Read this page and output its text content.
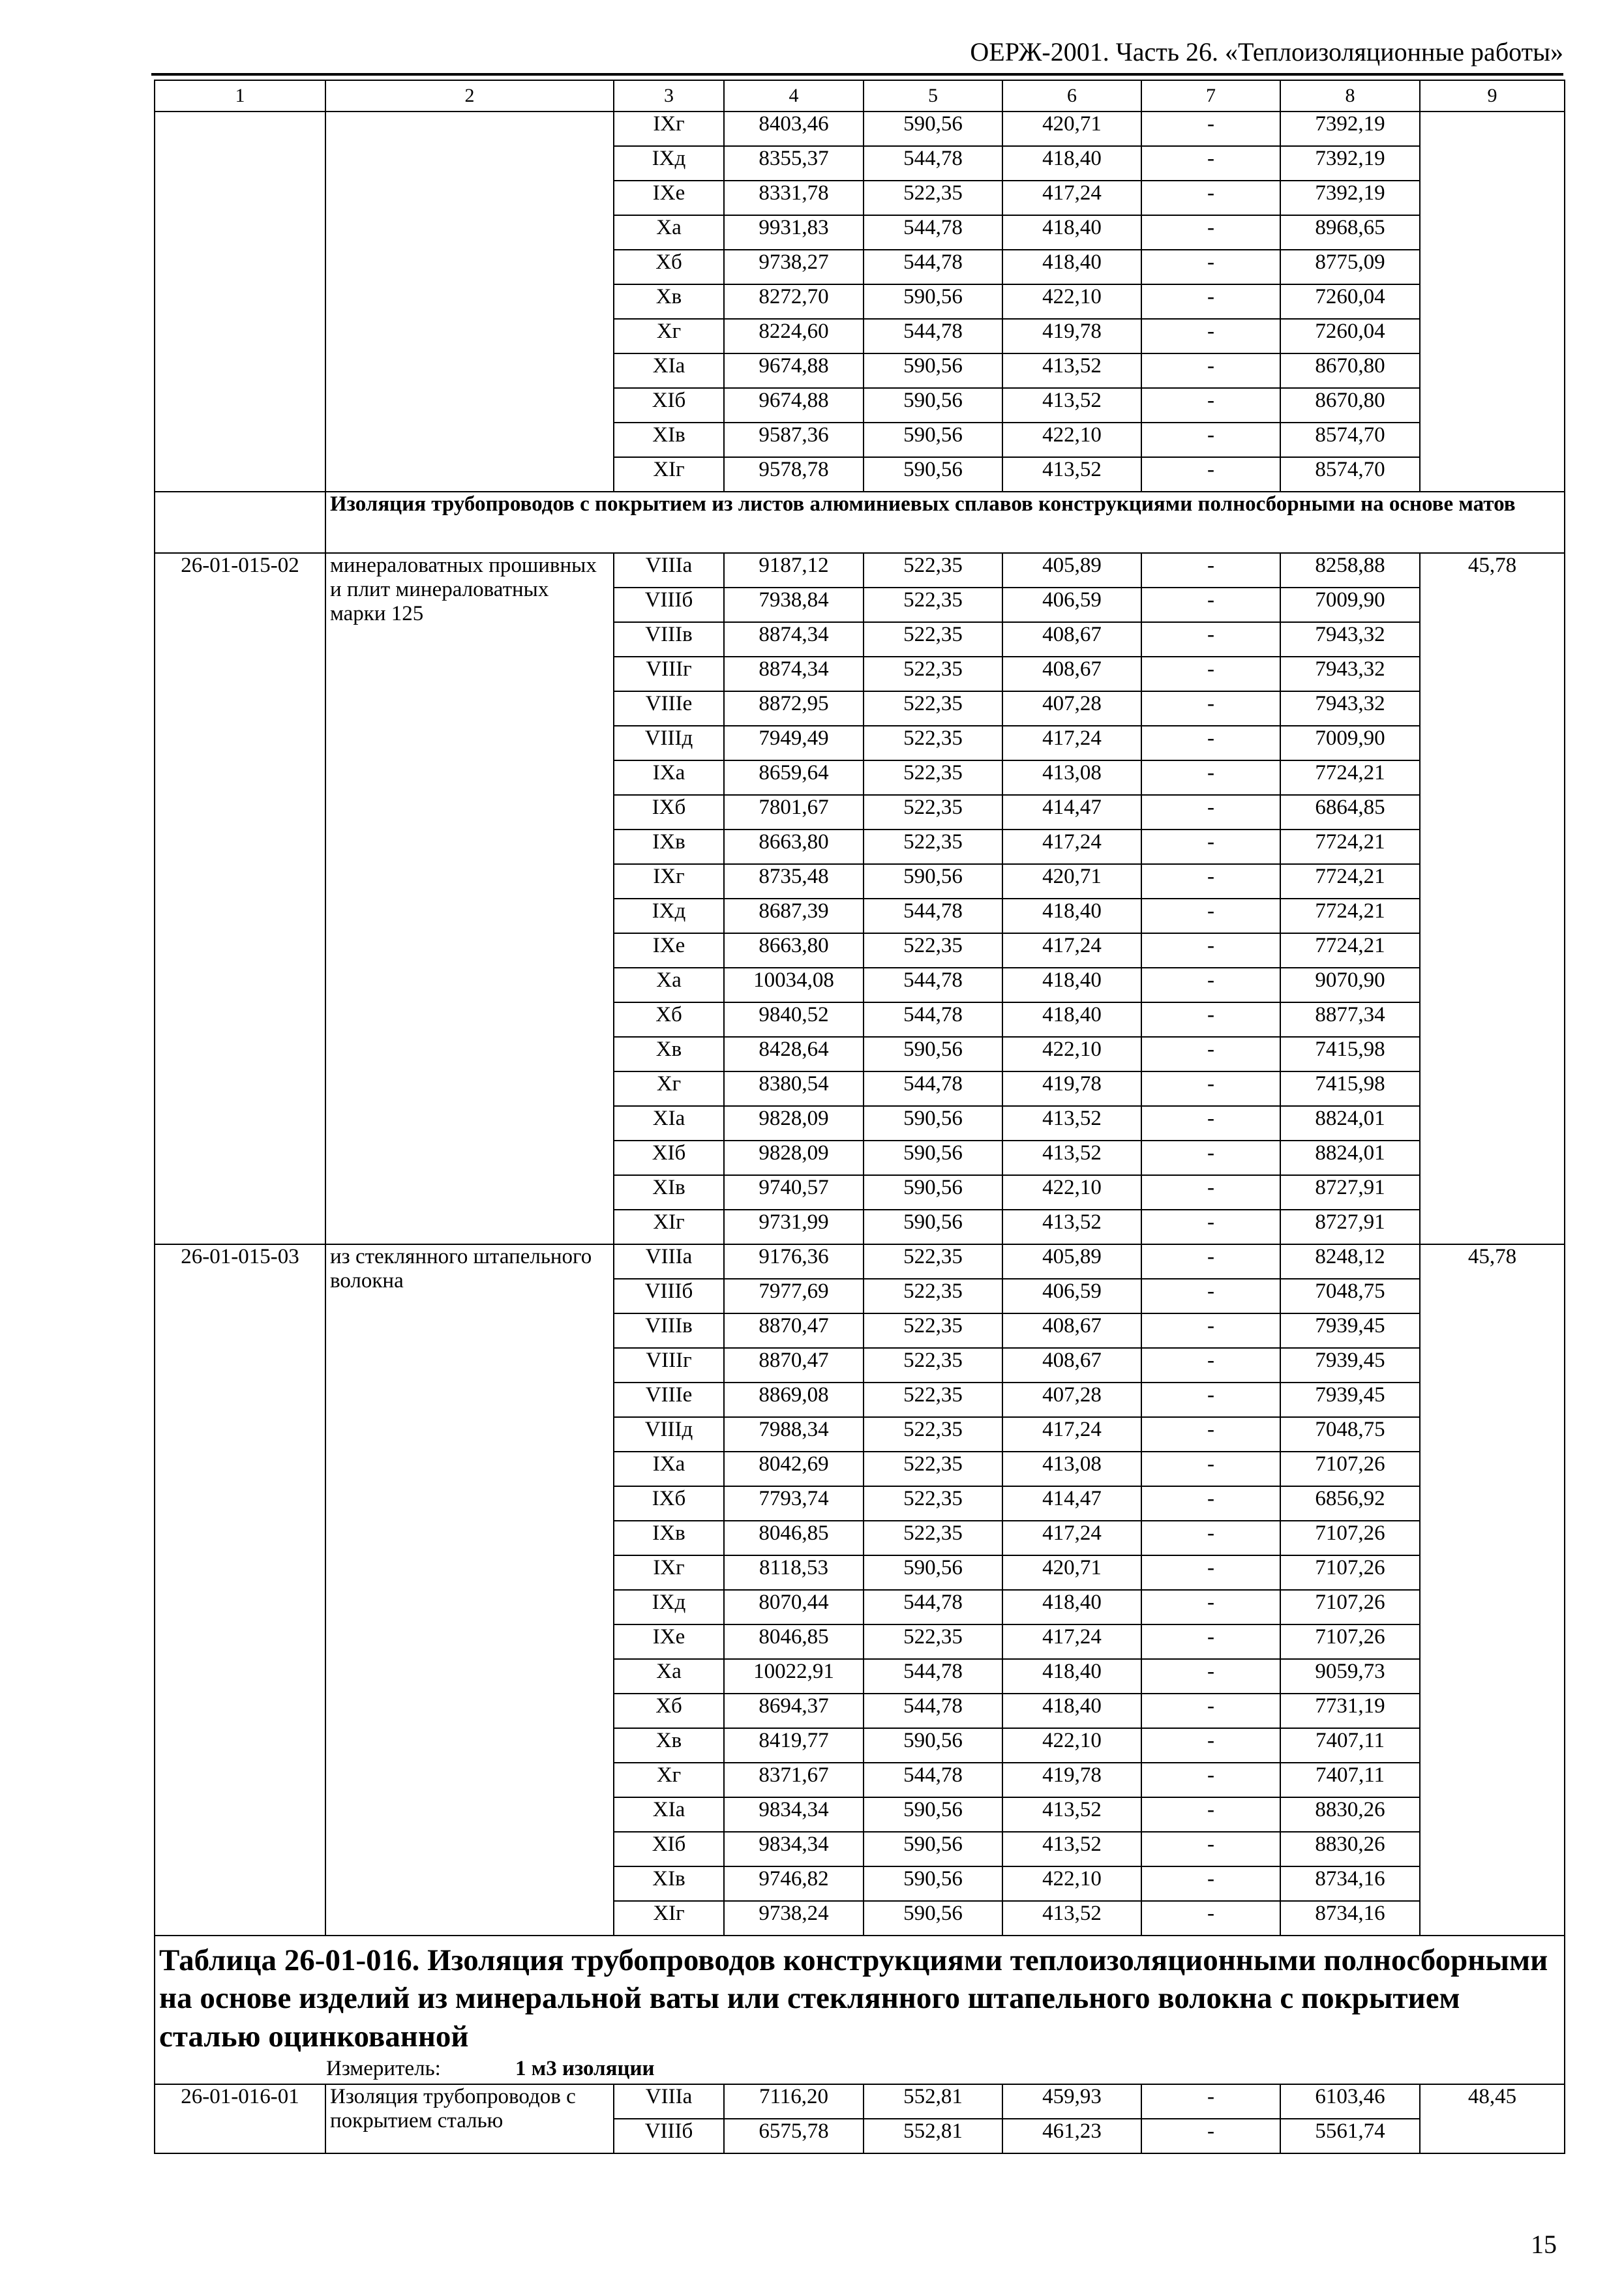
ОЕРЖ-2001. Часть 26. «Теплоизоляционные работы»
1	2	3	4	5	6	7	8	9
		IXг	8403,46	590,56	420,71	-	7392,19	
		IXд	8355,37	544,78	418,40	-	7392,19	
		IXе	8331,78	522,35	417,24	-	7392,19	
		Xа	9931,83	544,78	418,40	-	8968,65	
		Xб	9738,27	544,78	418,40	-	8775,09	
		Xв	8272,70	590,56	422,10	-	7260,04	
		Xг	8224,60	544,78	419,78	-	7260,04	
		XIа	9674,88	590,56	413,52	-	8670,80	
		XIб	9674,88	590,56	413,52	-	8670,80	
		XIв	9587,36	590,56	422,10	-	8574,70	
		XIг	9578,78	590,56	413,52	-	8574,70	
	Изоляция трубопроводов с покрытием из листов алюминиевых сплавов конструкциями полносборными на основе матов							
26-01-015-02	минераловатных прошивных и плит минераловатных марки 125	VIIIа	9187,12	522,35	405,89	-	8258,88	45,78
		VIIIб	7938,84	522,35	406,59	-	7009,90	
		VIIIв	8874,34	522,35	408,67	-	7943,32	
		VIIIг	8874,34	522,35	408,67	-	7943,32	
		VIIIе	8872,95	522,35	407,28	-	7943,32	
		VIIIд	7949,49	522,35	417,24	-	7009,90	
		IXа	8659,64	522,35	413,08	-	7724,21	
		IXб	7801,67	522,35	414,47	-	6864,85	
		IXв	8663,80	522,35	417,24	-	7724,21	
		IXг	8735,48	590,56	420,71	-	7724,21	
		IXд	8687,39	544,78	418,40	-	7724,21	
		IXе	8663,80	522,35	417,24	-	7724,21	
		Xа	10034,08	544,78	418,40	-	9070,90	
		Xб	9840,52	544,78	418,40	-	8877,34	
		Xв	8428,64	590,56	422,10	-	7415,98	
		Xг	8380,54	544,78	419,78	-	7415,98	
		XIа	9828,09	590,56	413,52	-	8824,01	
		XIб	9828,09	590,56	413,52	-	8824,01	
		XIв	9740,57	590,56	422,10	-	8727,91	
		XIг	9731,99	590,56	413,52	-	8727,91	
26-01-015-03	из стеклянного штапельного волокна	VIIIа	9176,36	522,35	405,89	-	8248,12	45,78
		VIIIб	7977,69	522,35	406,59	-	7048,75	
		VIIIв	8870,47	522,35	408,67	-	7939,45	
		VIIIг	8870,47	522,35	408,67	-	7939,45	
		VIIIе	8869,08	522,35	407,28	-	7939,45	
		VIIIд	7988,34	522,35	417,24	-	7048,75	
		IXа	8042,69	522,35	413,08	-	7107,26	
		IXб	7793,74	522,35	414,47	-	6856,92	
		IXв	8046,85	522,35	417,24	-	7107,26	
		IXг	8118,53	590,56	420,71	-	7107,26	
		IXд	8070,44	544,78	418,40	-	7107,26	
		IXе	8046,85	522,35	417,24	-	7107,26	
		Xа	10022,91	544,78	418,40	-	9059,73	
		Xб	8694,37	544,78	418,40	-	7731,19	
		Xв	8419,77	590,56	422,10	-	7407,11	
		Xг	8371,67	544,78	419,78	-	7407,11	
		XIа	9834,34	590,56	413,52	-	8830,26	
		XIб	9834,34	590,56	413,52	-	8830,26	
		XIв	9746,82	590,56	422,10	-	8734,16	
		XIг	9738,24	590,56	413,52	-	8734,16	

Таблица 26-01-016. Изоляция трубопроводов конструкциями теплоизоляционными полносборными на основе изделий из минеральной ваты или стеклянного штапельного волокна с покрытием сталью оцинкованной
Измеритель: 1 м3 изоляции								

26-01-016-01	Изоляция трубопроводов с покрытием сталью	VIIIа	7116,20	552,81	459,93	-	6103,46	48,45
		VIIIб	6575,78	552,81	461,23	-	5561,74	
15
